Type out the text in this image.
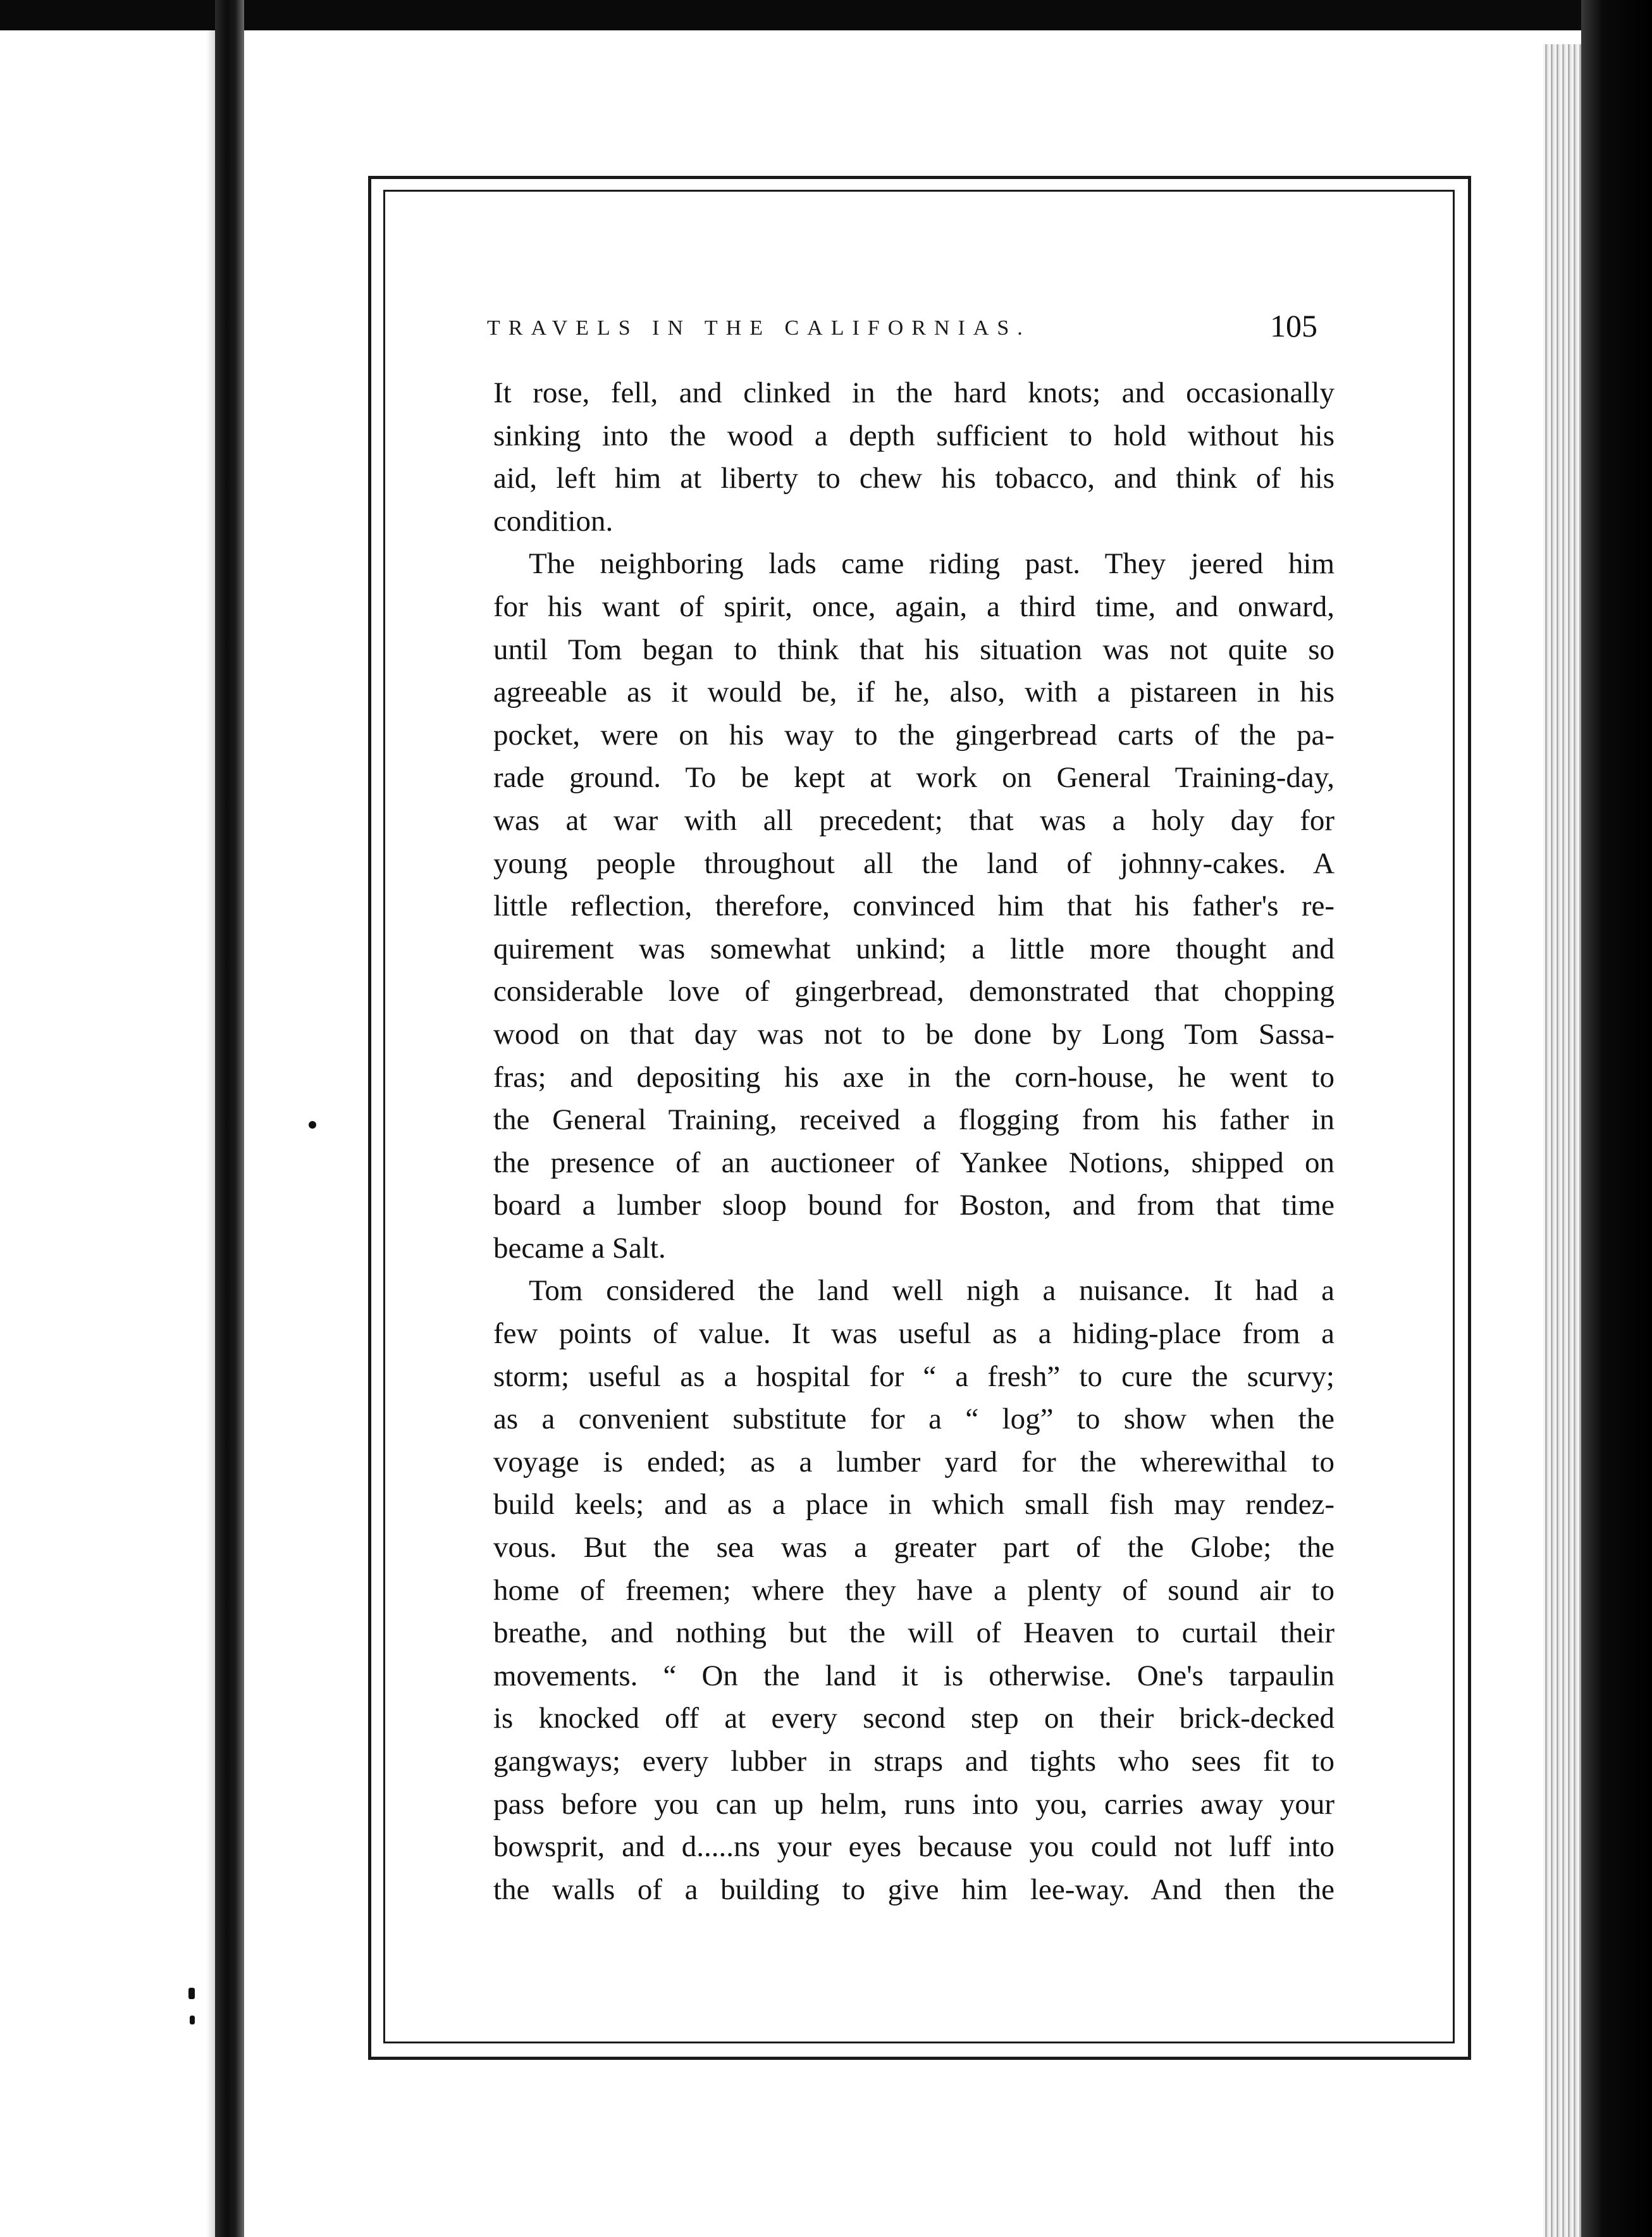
TRAVELS IN THE CALIFORNIAS.	105
It rose, fell, and clinked in the hard knots; and occasionally
sinking into the wood a depth sufficient to hold without his
aid, left him at liberty to chew his tobacco, and think of his
condition.
The neighboring lads came riding past. They jeered him
for his want of spirit, once, again, a third time, and onward,
until Tom began to think that his situation was not quite so
agreeable as it would be, if he, also, with a pistareen in his
pocket, were on his way to the gingerbread carts of the pa-
rade ground. To be kept at work on General Training-day,
was at war with all precedent; that was a holy day for
young people throughout all the land of johnny-cakes. A
little reflection, therefore, convinced him that his father's re-
quirement was somewhat unkind; a little more thought and
considerable love of gingerbread, demonstrated that chopping
wood on that day was not to be done by Long Tom Sassa-
fras; and depositing his axe in the corn-house, he went to
the General Training, received a flogging from his father in
the presence of an auctioneer of Yankee Notions, shipped on
board a lumber sloop bound for Boston, and from that time
became a Salt.
Tom considered the land well nigh a nuisance. It had a
few points of value. It was useful as a hiding-place from a
storm; useful as a hospital for “ a fresh” to cure the scurvy;
as a convenient substitute for a “ log” to show when the
voyage is ended; as a lumber yard for the wherewithal to
build keels; and as a place in which small fish may rendez-
vous. But the sea was a greater part of the Globe; the
home of freemen; where they have a plenty of sound air to
breathe, and nothing but the will of Heaven to curtail their
movements. “ On the land it is otherwise. One's tarpaulin
is knocked off at every second step on their brick-decked
gangways; every lubber in straps and tights who sees fit to
pass before you can up helm, runs into you, carries away your
bowsprit, and d.....ns your eyes because you could not luff into
the walls of a building to give him lee-way. And then the
